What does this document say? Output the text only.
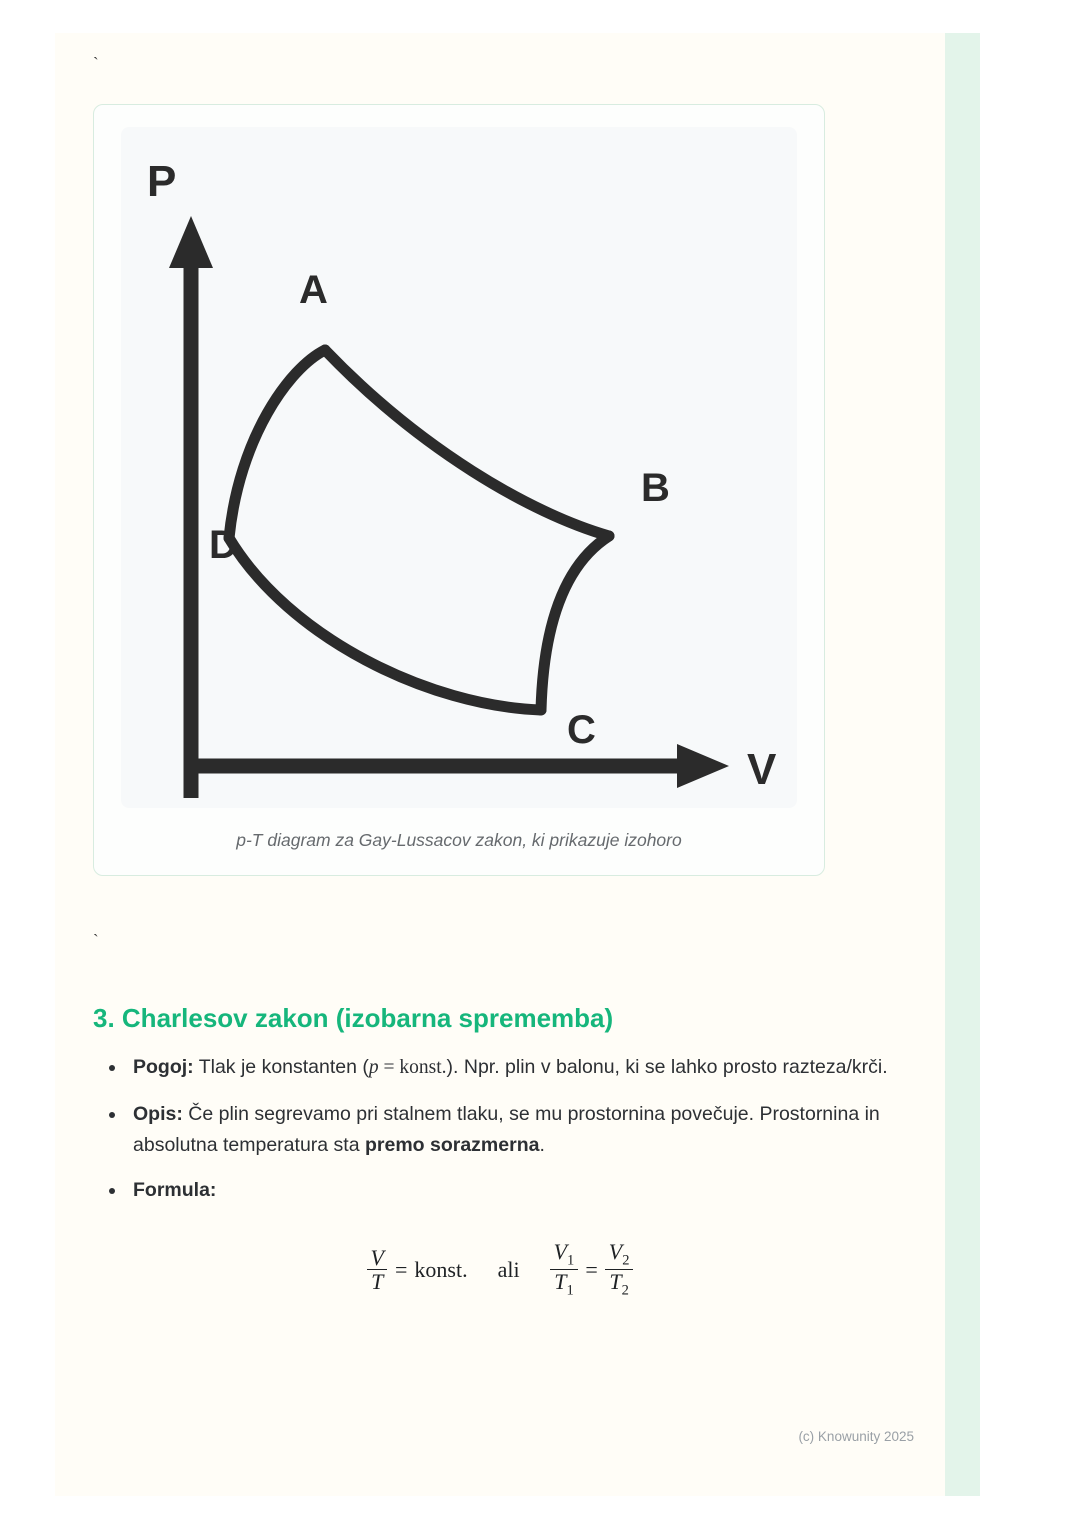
`
P
V
A
B
C
D
p-T diagram za Gay-Lussacov zakon, ki prikazuje izohoro
`
3. Charlesov zakon (izobarna sprememba)
• Pogoj: Tlak je konstanten (p = konst.). Npr. plin v balonu, ki se lahko prosto razteza/krči.
• Opis: Če plin segrevamo pri stalnem tlaku, se mu prostornina povečuje. Prostornina in absolutna temperatura sta premo sorazmerna.
• Formula:
$\frac{V}{T}$ = konst. ali $\frac{V_1}{T_1} = \frac{V_2}{T_2}$
(c) Knowunity 2025
